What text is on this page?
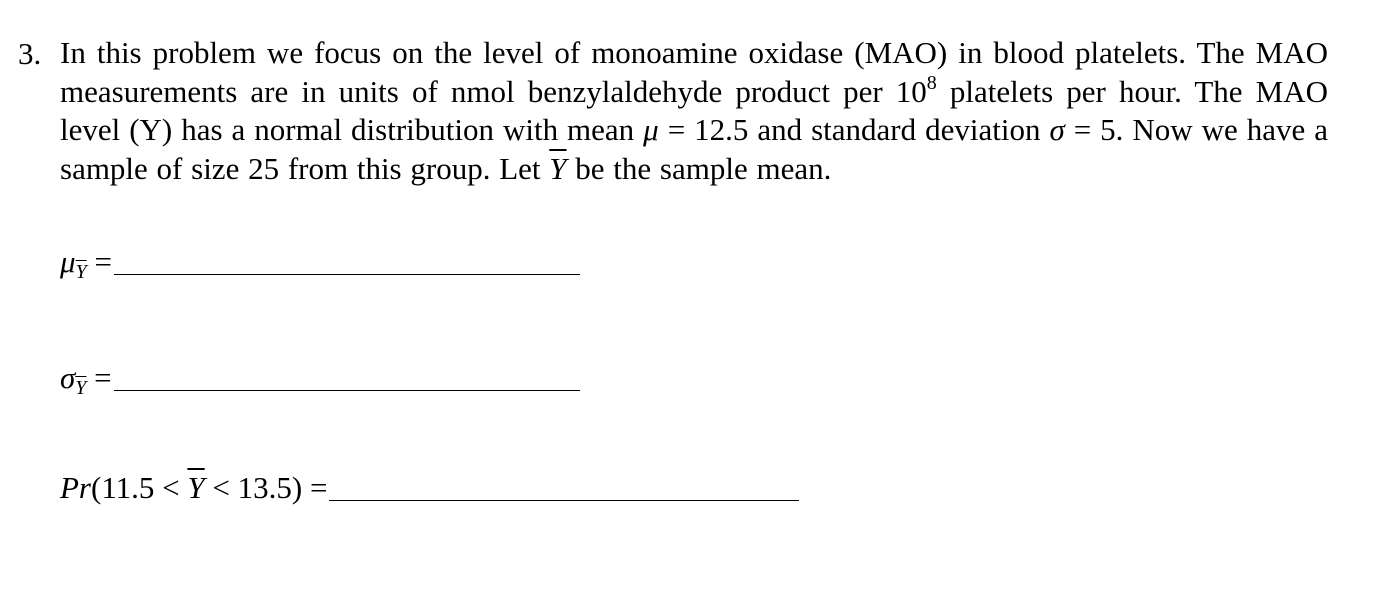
3. In this problem we focus on the level of monoamine oxidase (MAO) in blood platelets. The MAO measurements are in units of nmol benzylaldehyde product per $10^8$ platelets per hour. The MAO level (Y) has a normal distribution with mean μ = 12.5 and standard deviation σ = 5. Now we have a sample of size 25 from this group. Let $\overline{Y}$ be the sample mean.
$\mu_{\overline{Y}}$ =
$\sigma_{\overline{Y}}$ =
$Pr(11.5 < \overline{Y} < 13.5)$ =
